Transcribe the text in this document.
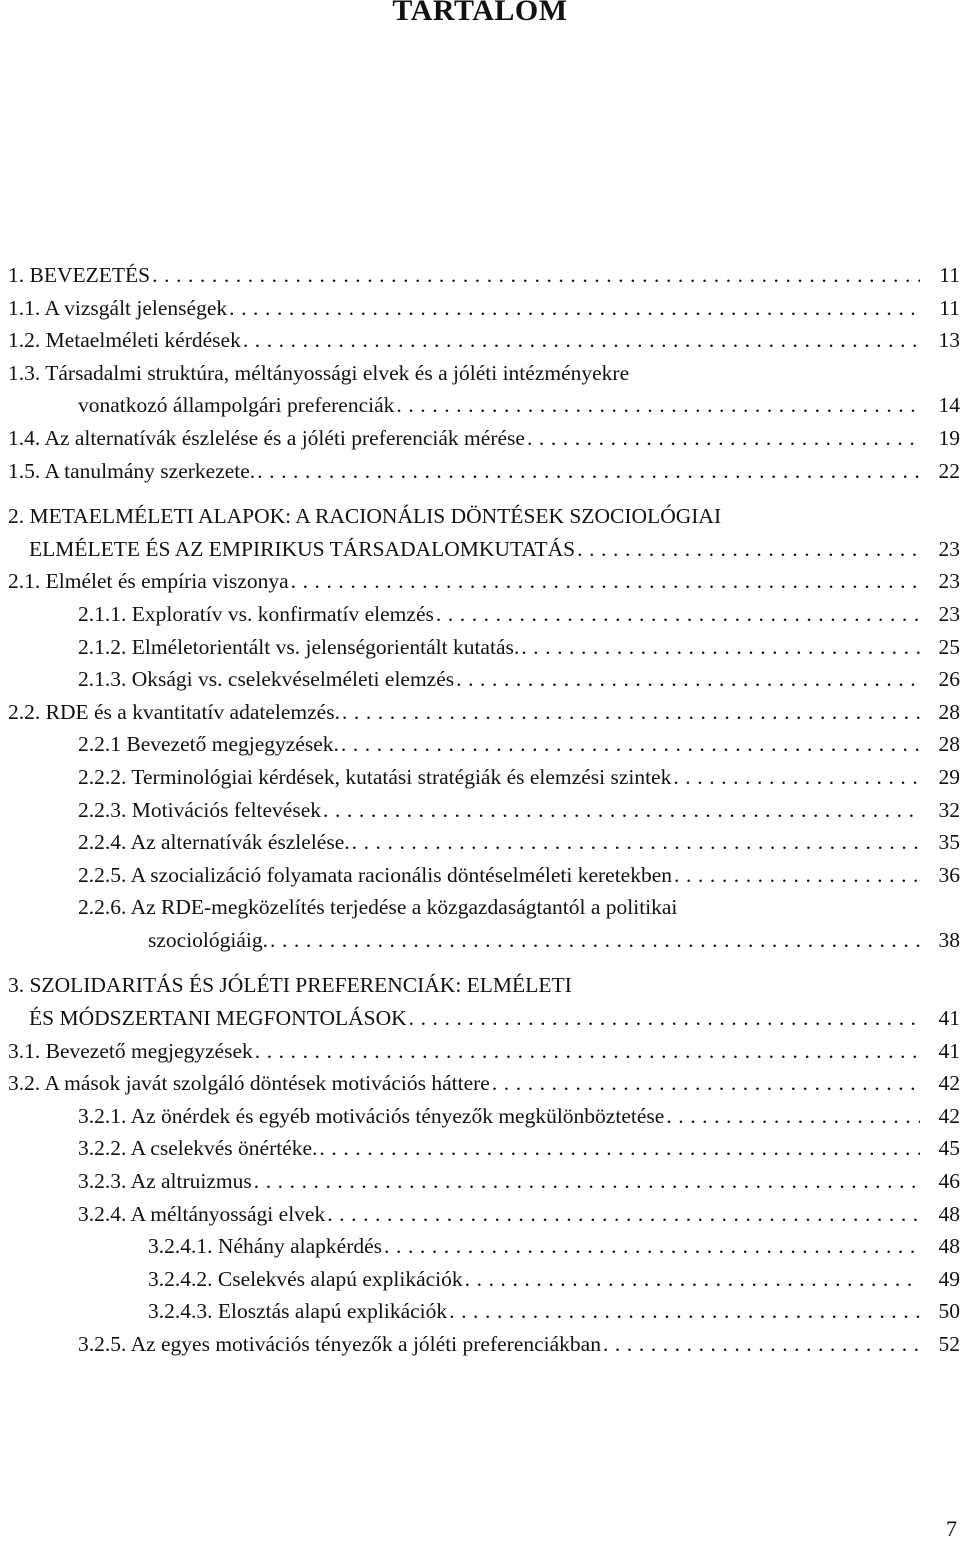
TARTALOM
1. BEVEZETÉS . . .	11
1.1. A vizsgált jelenségek . . .	11
1.2. Metaelméleti kérdések . . .	13
1.3. Társadalmi struktúra, méltányossági elvek és a jóléti intézményekre
vonatkozó állampolgári preferenciák . . .	14
1.4. Az alternatívák észlelése és a jóléti preferenciák mérése . . .	19
1.5. A tanulmány szerkezete. . . .	22
2. METAELMÉLETI ALAPOK: A RACIONÁLIS DÖNTÉSEK SZOCIOLÓGIAI
ELMÉLETE ÉS AZ EMPIRIKUS TÁRSADALOMKUTATÁS . . .	23
2.1. Elmélet és empíria viszonya . . .	23
2.1.1. Exploratív vs. konfirmatív elemzés . . .	23
2.1.2. Elméletorientált vs. jelenségorientált kutatás. . . .	25
2.1.3. Oksági vs. cselekvéselméleti elemzés . . .	26
2.2. RDE és a kvantitatív adatelemzés. . . .	28
2.2.1 Bevezető megjegyzések. . . .	28
2.2.2. Terminológiai kérdések, kutatási stratégiák és elemzési szintek . . .	29
2.2.3. Motivációs feltevések . . .	32
2.2.4. Az alternatívák észlelése. . . .	35
2.2.5. A szocializáció folyamata racionális döntéselméleti keretekben . . .	36
2.2.6. Az RDE-megközelítés terjedése a közgazdaságtantól a politikai
szociológiáig. . . .	38
3. SZOLIDARITÁS ÉS JÓLÉTI PREFERENCIÁK: ELMÉLETI
ÉS MÓDSZERTANI MEGFONTOLÁSOK . . .	41
3.1. Bevezető megjegyzések . . .	41
3.2. A mások javát szolgáló döntések motivációs háttere . . .	42
3.2.1. Az önérdek és egyéb motivációs tényezők megkülönböztetése . . .	42
3.2.2. A cselekvés önértéke. . . .	45
3.2.3. Az altruizmus . . .	46
3.2.4. A méltányossági elvek . . .	48
3.2.4.1. Néhány alapkérdés . . .	48
3.2.4.2. Cselekvés alapú explikációk . . .	49
3.2.4.3. Elosztás alapú explikációk . . .	50
3.2.5. Az egyes motivációs tényezők a jóléti preferenciákban . . .	52
7
